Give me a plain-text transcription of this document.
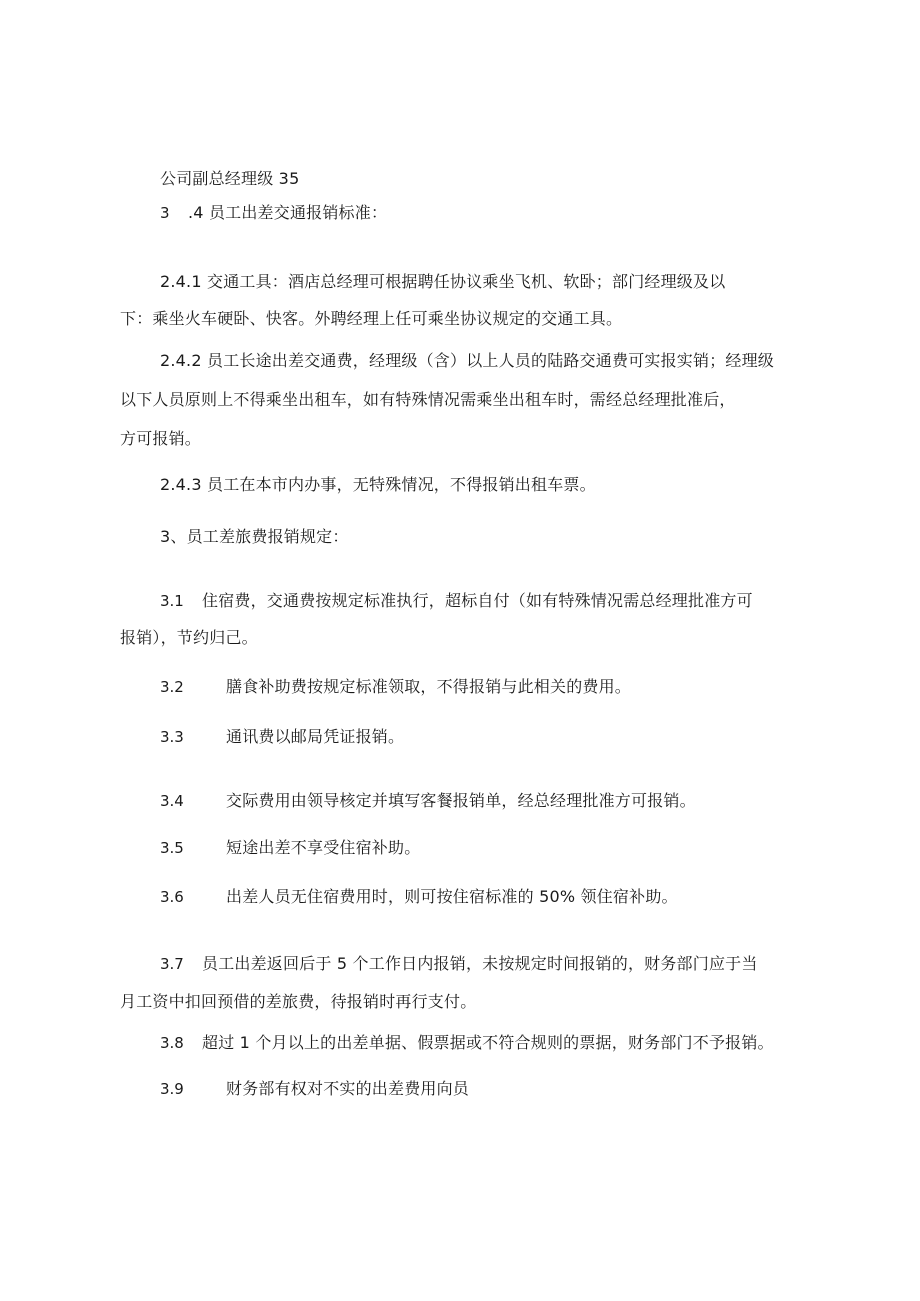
公司副总经理级 35
3 .4 员工出差交通报销标准：
2.4.1 交通工具：酒店总经理可根据聘任协议乘坐飞机、软卧；部门经理级及以
下：乘坐火车硬卧、快客。外聘经理上任可乘坐协议规定的交通工具。
2.4.2 员工长途出差交通费，经理级（含）以上人员的陆路交通费可实报实销；经理级
以下人员原则上不得乘坐出租车，如有特殊情况需乘坐出租车时，需经总经理批准后，
方可报销。
2.4.3 员工在本市内办事，无特殊情况，不得报销出租车票。
3、员工差旅费报销规定：
3.1 住宿费，交通费按规定标准执行，超标自付（如有特殊情况需总经理批准方可
报销），节约归己。
3.2	膳食补助费按规定标准领取，不得报销与此相关的费用。
3.3	通讯费以邮局凭证报销。
3.4	交际费用由领导核定并填写客餐报销单，经总经理批准方可报销。
3.5	短途出差不享受住宿补助。
3.6	出差人员无住宿费用时，则可按住宿标准的 50% 领住宿补助。
3.7 员工出差返回后于 5 个工作日内报销，未按规定时间报销的，财务部门应于当
月工资中扣回预借的差旅费，待报销时再行支付。
3.8 超过 1 个月以上的出差单据、假票据或不符合规则的票据，财务部门不予报销。
3.9	财务部有权对不实的出差费用向员
